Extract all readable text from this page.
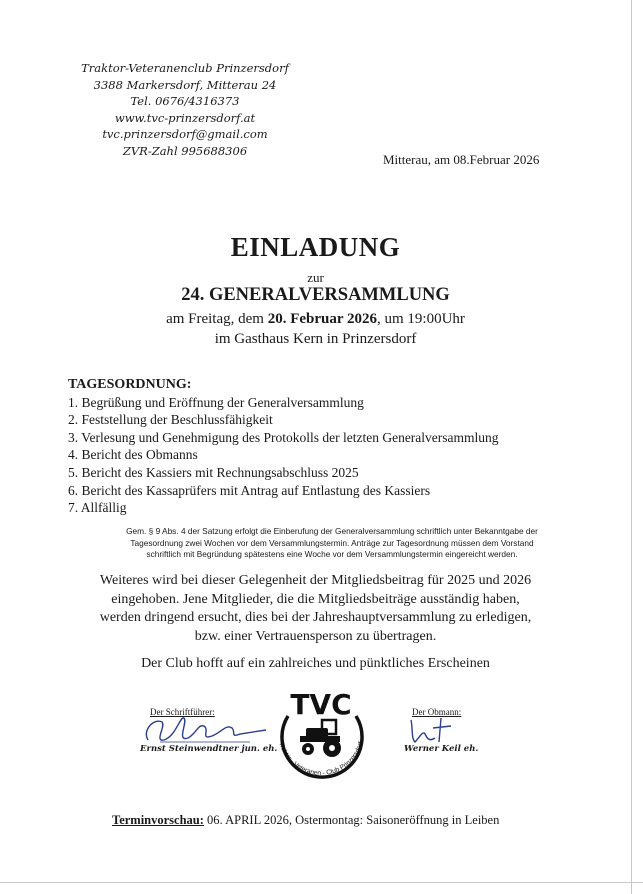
Traktor-Veteranenclub Prinzersdorf
3388 Markersdorf, Mitterau 24
Tel. 0676/4316373
www.tvc-prinzersdorf.at
tvc.prinzersdorf@gmail.com
ZVR-Zahl 995688306
Mitterau, am 08.Februar 2026
EINLADUNG
zur
24. GENERALVERSAMMLUNG
am Freitag, dem 20. Februar 2026, um 19:00Uhr
im Gasthaus Kern in Prinzersdorf
TAGESORDNUNG:
1. Begrüßung und Eröffnung der Generalversammlung
2. Feststellung der Beschlussfähigkeit
3. Verlesung und Genehmigung des Protokolls der letzten Generalversammlung
4. Bericht des Obmanns
5. Bericht des Kassiers mit Rechnungsabschluss 2025
6. Bericht des Kassaprüfers mit Antrag auf Entlastung des Kassiers
7. Allfällig
Gem. § 9 Abs. 4 der Satzung erfolgt die Einberufung der Generalversammlung schriftlich unter Bekanntgabe der
Tagesordnung zwei Wochen vor dem Versammlungstermin. Anträge zur Tagesordnung müssen dem Vorstand
schriftlich mit Begründung spätestens eine Woche vor dem Versammlungstermin eingereicht werden.
Weiteres wird bei dieser Gelegenheit der Mitgliedsbeitrag für 2025 und 2026
eingehoben. Jene Mitglieder, die die Mitgliedsbeiträge ausständig haben,
werden dringend ersucht, dies bei der Jahreshauptversammlung zu erledigen,
bzw. einer Vertrauensperson zu übertragen.
Der Club hofft auf ein zahlreiches und pünktliches Erscheinen
Der Schriftführer:
Ernst Steinwendtner jun. eh.
Der Obmann:
Werner Keil eh.
TVC
Traktor - Veteranen - Club Prinzersdorf
Terminvorschau: 06. APRIL 2026, Ostermontag: Saisoneröffnung in Leiben
